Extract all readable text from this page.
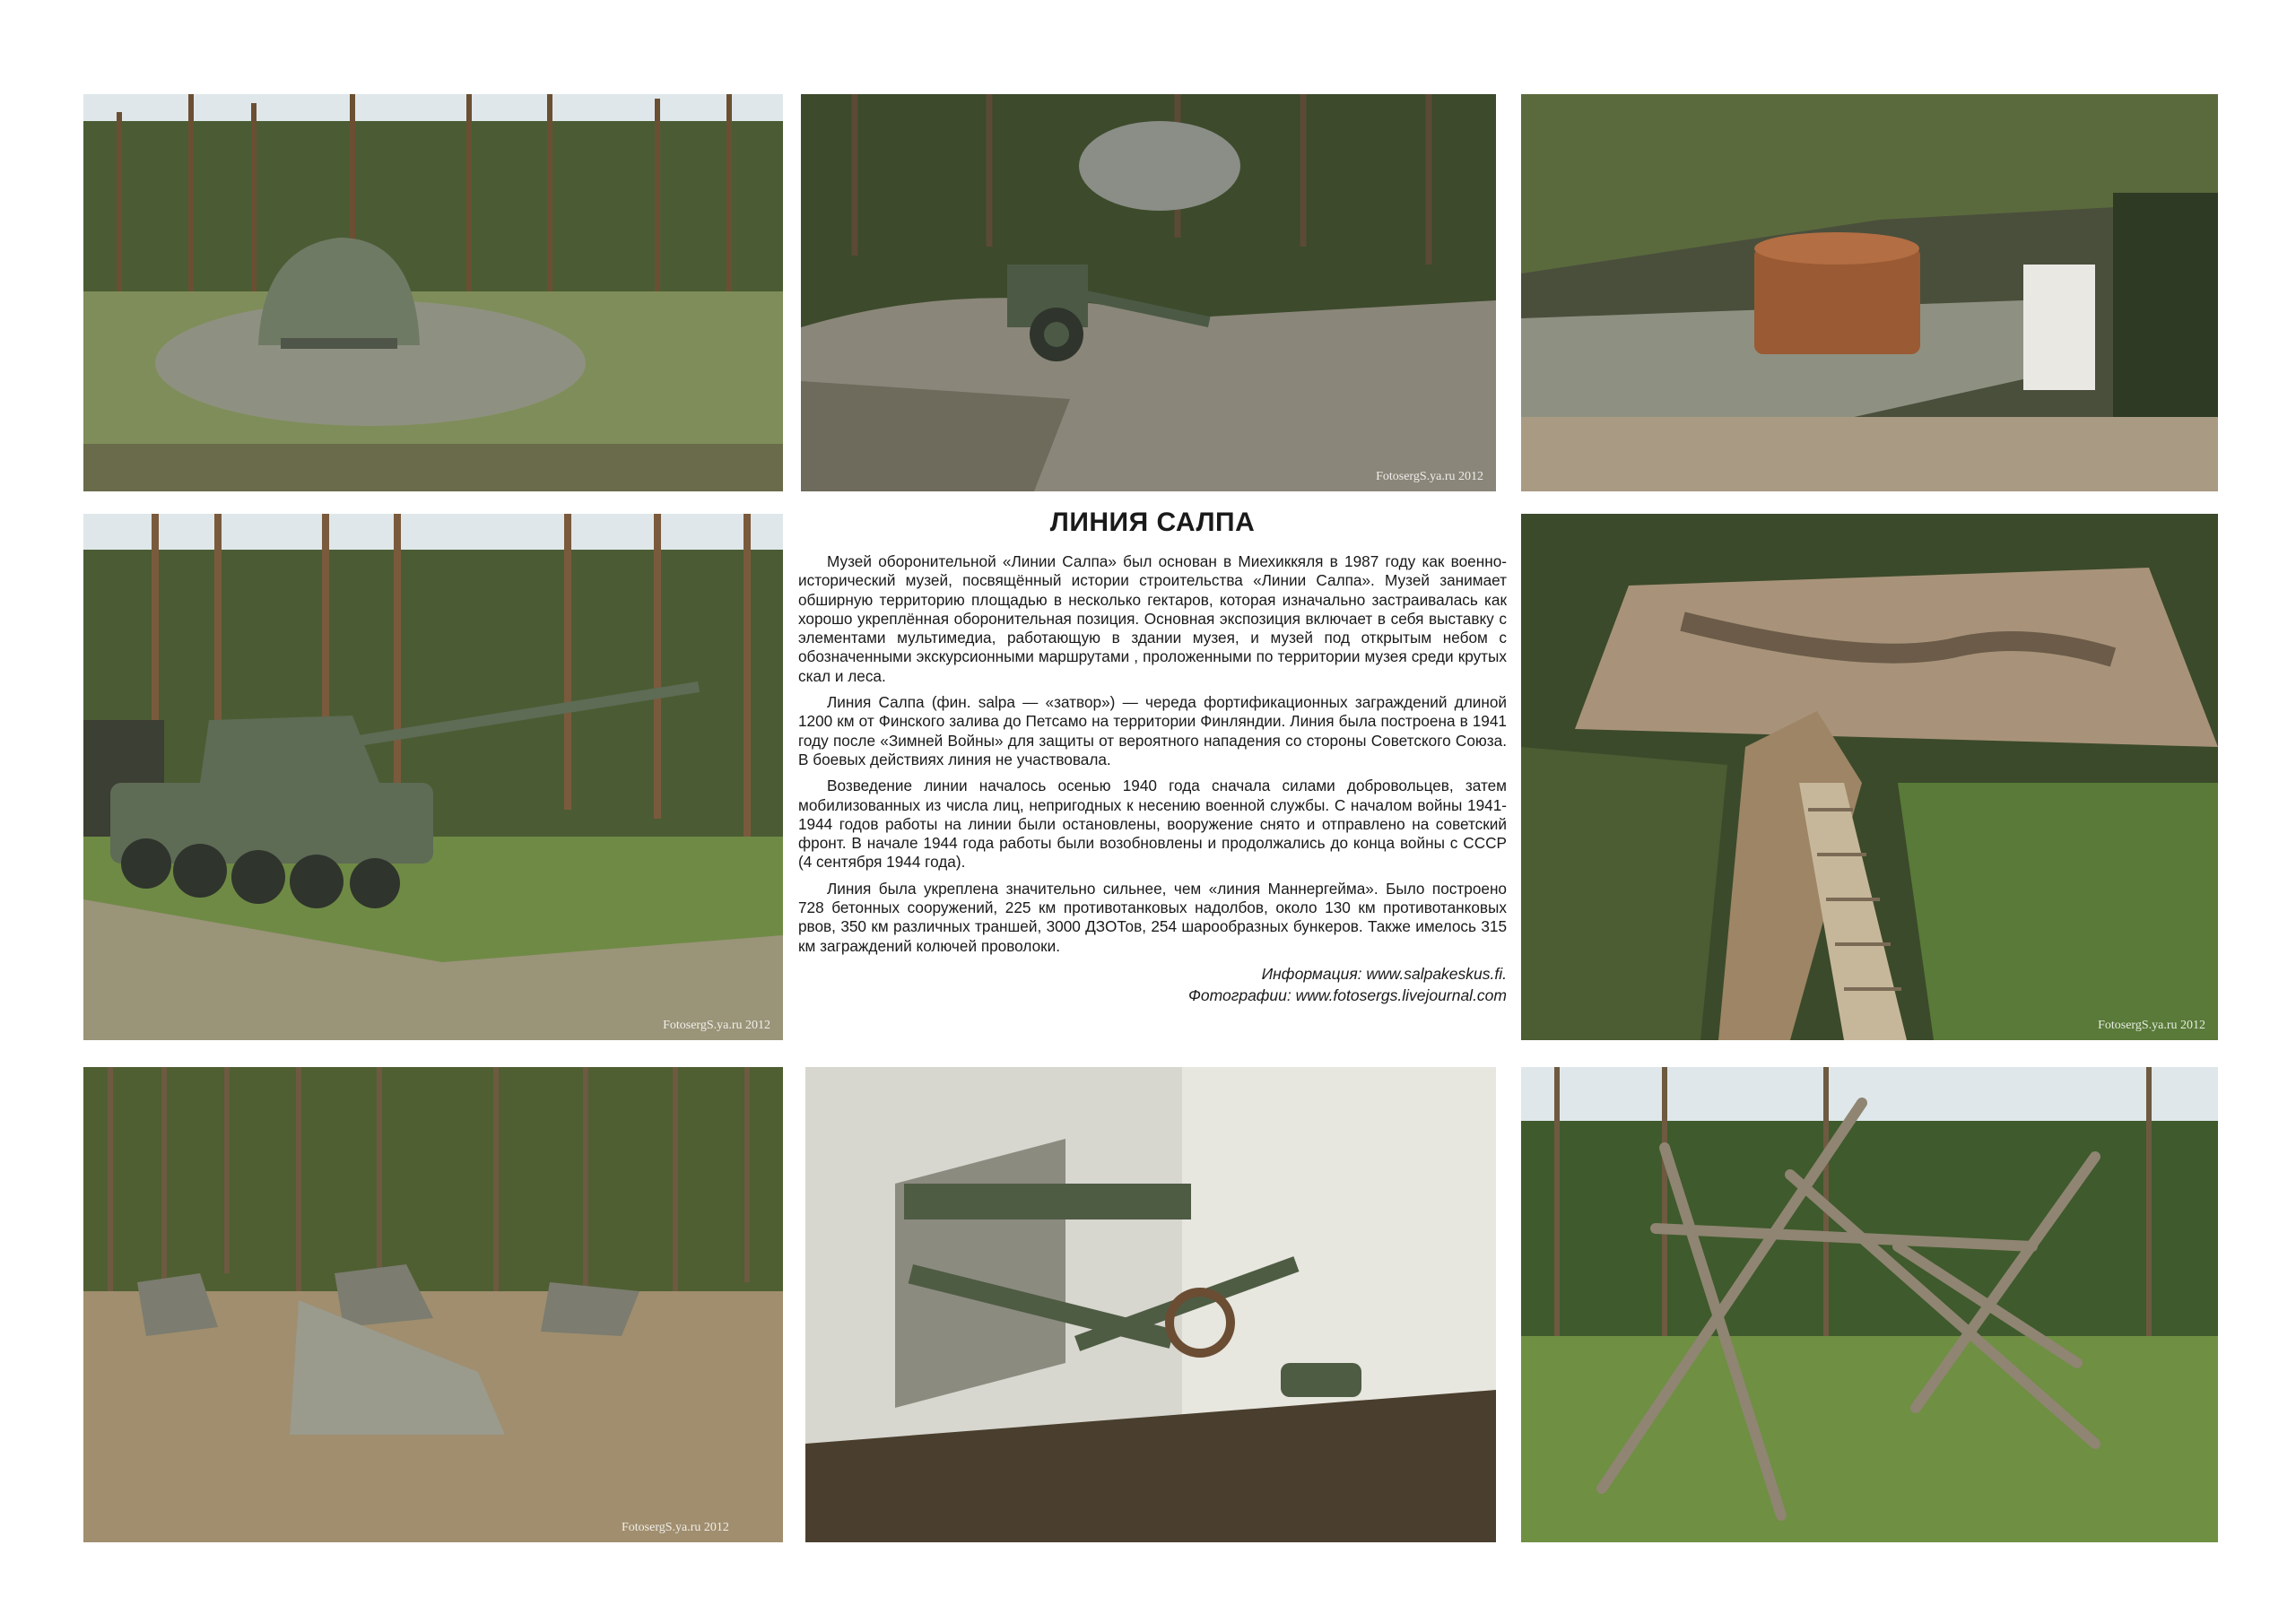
FotosergS.ya.ru 2012
FotosergS.ya.ru 2012
ЛИНИЯ САЛПА

Музей оборонительной «Линии Салпа» был основан в Миехиккяля в 1987 году как военно-исторический музей, посвящённый истории строительства «Линии Салпа». Музей занимает обширную территорию площадью в несколько гектаров, которая изначально застраивалась как хорошо укреплённая оборонительная позиция. Основная экспозиция включает в себя выставку с элементами мультимедиа, работающую в здании музея, и музей под открытым небом с обозначенными экскурсионными маршрутами , проложенными по территории музея среди крутых скал и леса.

Линия Салпа (фин. salpa — «затвор») — череда фортификационных заграждений длиной 1200 км от Финского залива до Петсамо на территории Финляндии. Линия была построена в 1941 году после «Зимней Войны» для защиты от вероятного нападения со стороны Советского Союза. В боевых действиях линия не участвовала.

Возведение линии началось осенью 1940 года сначала силами добровольцев, затем мобилизованных из числа лиц, непригодных к несению военной службы. С началом войны 1941-1944 годов работы на линии были остановлены, вооружение снято и отправлено на советский фронт. В начале 1944 года работы были возобновлены и продолжались до конца войны с СССР (4 сентября 1944 года).

Линия была укреплена значительно сильнее, чем «линия Маннергейма». Было построено 728 бетонных сооружений, 225 км противотанковых надолбов, около 130 км противотанковых рвов, 350 км различных траншей, 3000 ДЗОТов, 254 шарообразных бункеров. Также имелось 315 км заграждений колючей проволоки.

Информация: www.salpakeskus.fi.

Фотографии: www.fotosergs.livejournal.com

FotosergS.ya.ru 2012
FotosergS.ya.ru 2012
